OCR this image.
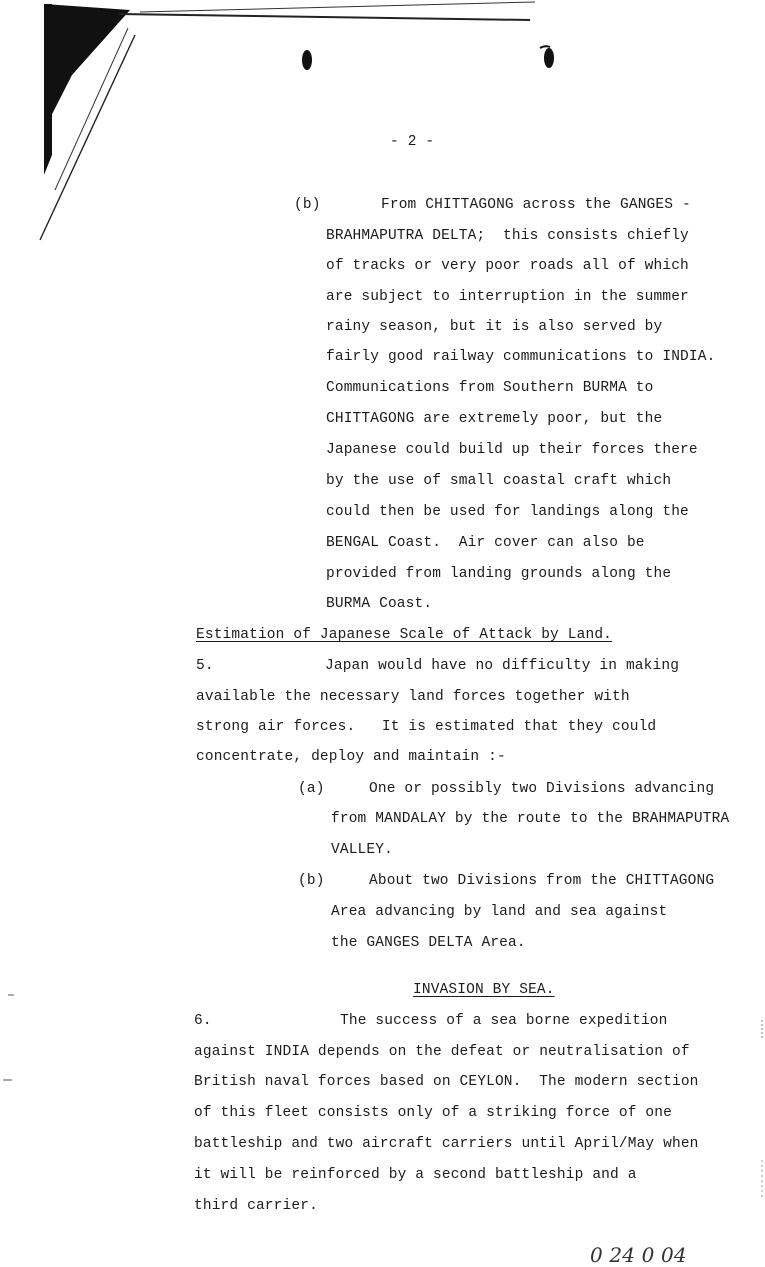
- 2 -
(b)	From CHITTAGONG across the GANGES -
BRAHMAPUTRA DELTA;  this consists chiefly
of tracks or very poor roads all of which
are subject to interruption in the summer
rainy season, but it is also served by
fairly good railway communications to INDIA.
Communications from Southern BURMA to
CHITTAGONG are extremely poor, but the
Japanese could build up their forces there
by the use of small coastal craft which
could then be used for landings along the
BENGAL Coast.  Air cover can also be
provided from landing grounds along the
BURMA Coast.
Estimation of Japanese Scale of Attack by Land.
5.	Japan would have no difficulty in making
available the necessary land forces together with
strong air forces.   It is estimated that they could
concentrate, deploy and maintain :-
(a)	One or possibly two Divisions advancing
from MANDALAY by the route to the BRAHMAPUTRA
VALLEY.
(b)	About two Divisions from the CHITTAGONG
Area advancing by land and sea against
the GANGES DELTA Area.
INVASION BY SEA.
6.	The success of a sea borne expedition
against INDIA depends on the defeat or neutralisation of
British naval forces based on CEYLON.  The modern section
of this fleet consists only of a striking force of one
battleship and two aircraft carriers until April/May when
it will be reinforced by a second battleship and a
third carrier.
0 24 0 04
